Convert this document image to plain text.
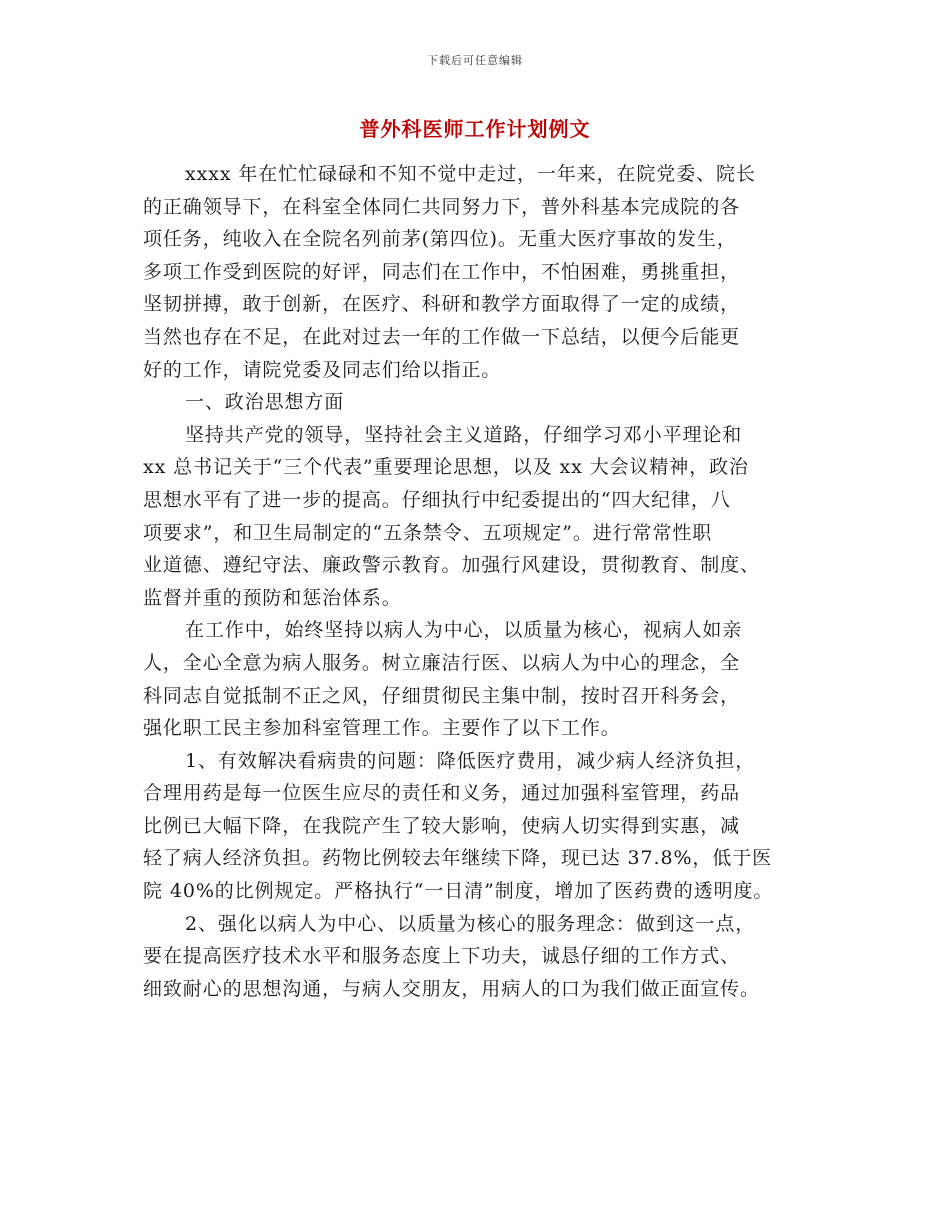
下载后可任意编辑
普外科医师工作计划例文
xxxx 年在忙忙碌碌和不知不觉中走过，一年来，在院党委、院长
的正确领导下，在科室全体同仁共同努力下，普外科基本完成院的各
项任务，纯收入在全院名列前茅(第四位)。无重大医疗事故的发生，
多项工作受到医院的好评，同志们在工作中，不怕困难，勇挑重担，
坚韧拼搏，敢于创新，在医疗、科研和教学方面取得了一定的成绩，
当然也存在不足，在此对过去一年的工作做一下总结，以便今后能更
好的工作，请院党委及同志们给以指正。
一、政治思想方面
坚持共产党的领导，坚持社会主义道路，仔细学习邓小平理论和
xx 总书记关于“三个代表”重要理论思想，以及 xx 大会议精神，政治
思想水平有了进一步的提高。仔细执行中纪委提出的“四大纪律，八
项要求”，和卫生局制定的“五条禁令、五项规定”。进行常常性职
业道德、遵纪守法、廉政警示教育。加强行风建设，贯彻教育、制度、
监督并重的预防和惩治体系。
在工作中，始终坚持以病人为中心，以质量为核心，视病人如亲
人，全心全意为病人服务。树立廉洁行医、以病人为中心的理念，全
科同志自觉抵制不正之风，仔细贯彻民主集中制，按时召开科务会，
强化职工民主参加科室管理工作。主要作了以下工作。
1、有效解决看病贵的问题：降低医疗费用，减少病人经济负担，
合理用药是每一位医生应尽的责任和义务，通过加强科室管理，药品
比例已大幅下降，在我院产生了较大影响，使病人切实得到实惠，减
轻了病人经济负担。药物比例较去年继续下降，现已达 37.8%，低于医
院 40%的比例规定。严格执行“一日清”制度，增加了医药费的透明度。
2、强化以病人为中心、以质量为核心的服务理念：做到这一点，
要在提高医疗技术水平和服务态度上下功夫，诚恳仔细的工作方式、
细致耐心的思想沟通，与病人交朋友，用病人的口为我们做正面宣传。
